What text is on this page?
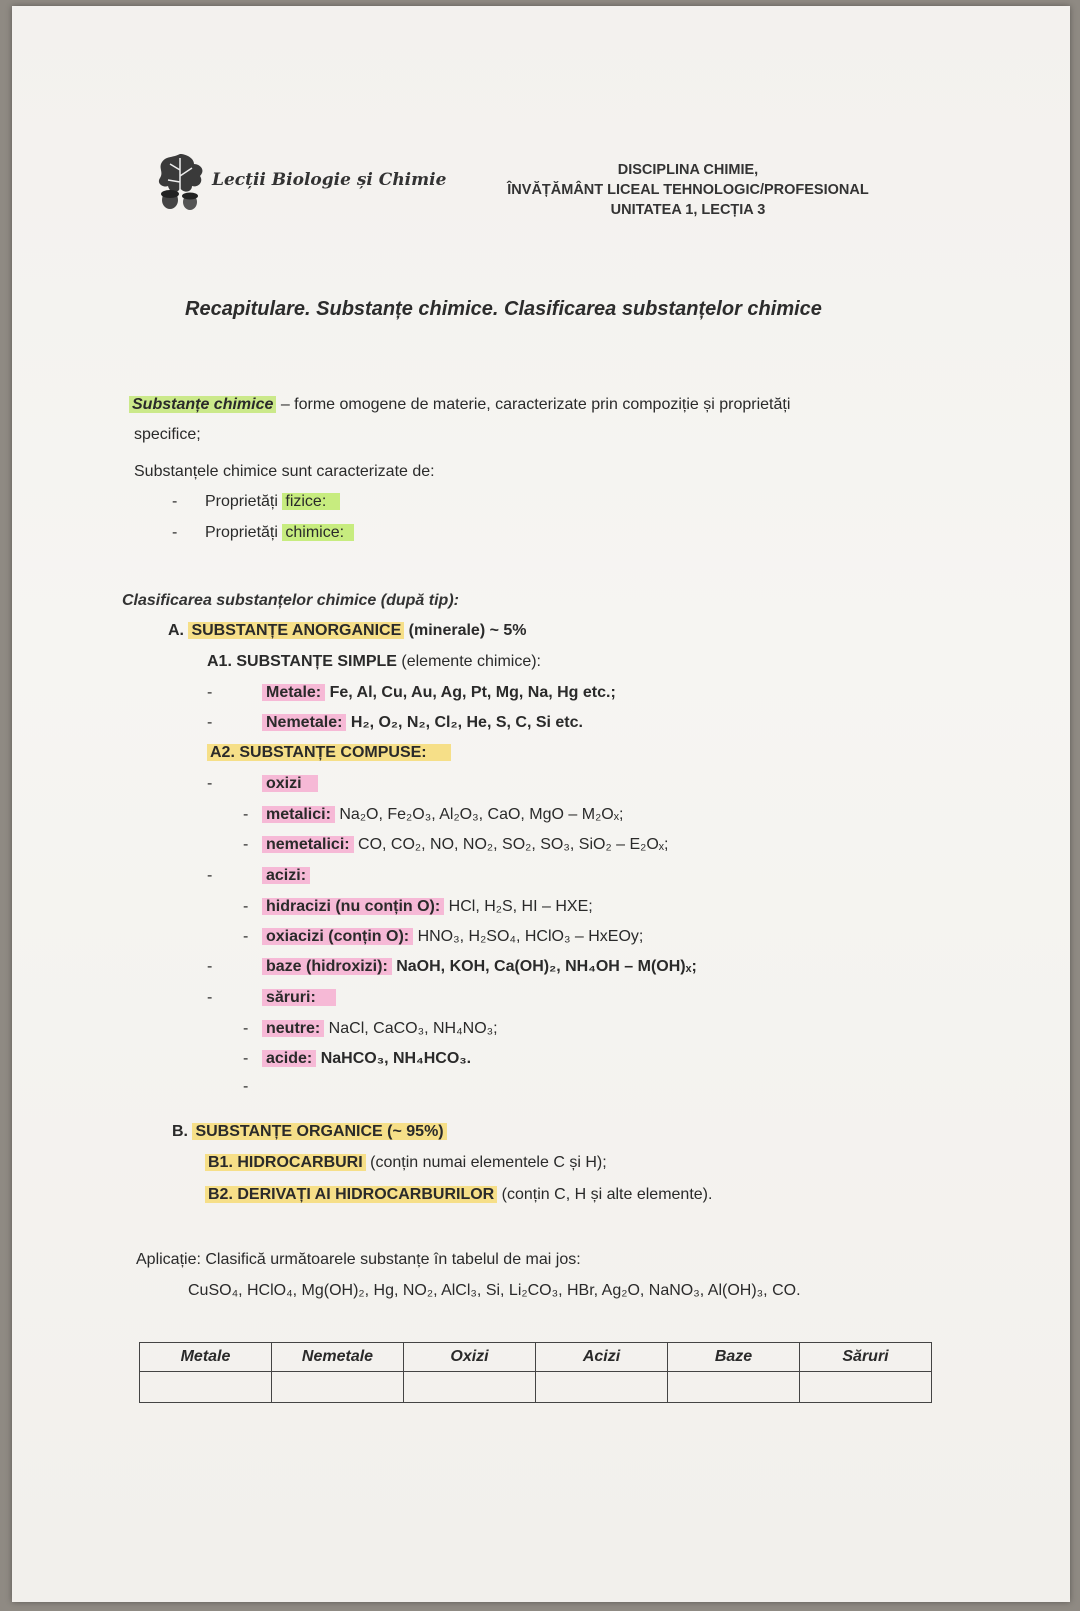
Lecții Biologie și Chimie	DISCIPLINA CHIMIE,
ÎNVĂȚĂMÂNT LICEAL TEHNOLOGIC/PROFESIONAL
UNITATEA 1, LECȚIA 3
Recapitulare. Substanțe chimice. Clasificarea substanțelor chimice
Substanțe chimice – forme omogene de materie, caracterizate prin compoziție și proprietăți
specifice;
Substanțele chimice sunt caracterizate de:
- Proprietăți fizice:
- Proprietăți chimice:
Clasificarea substanțelor chimice (după tip):
A. SUBSTANȚE ANORGANICE (minerale) ~ 5%
A1. SUBSTANȚE SIMPLE (elemente chimice):
-	Metale: Fe, Al, Cu, Au, Ag, Pt, Mg, Na, Hg etc.;
-	Nemetale: H₂, O₂, N₂, Cl₂, He, S, C, Si etc.
A2. SUBSTANȚE COMPUSE:
-	oxizi
- metalici: Na₂O, Fe₂O₃, Al₂O₃, CaO, MgO – M₂Oₓ;
- nemetalici: CO, CO₂, NO, NO₂, SO₂, SO₃, SiO₂ – E₂Oₓ;
-	acizi:
- hidracizi (nu conțin O): HCl, H₂S, HI – HXE;
- oxiacizi (conțin O): HNO₃, H₂SO₄, HClO₃ – HxEOy;
-	baze (hidroxizi): NaOH, KOH, Ca(OH)₂, NH₄OH – M(OH)ₓ;
-	săruri:
- neutre: NaCl, CaCO₃, NH₄NO₃;
- acide: NaHCO₃, NH₄HCO₃.
-
B. SUBSTANȚE ORGANICE (~ 95%)
B1. HIDROCARBURI (conțin numai elementele C și H);
B2. DERIVAȚI AI HIDROCARBURILOR (conțin C, H și alte elemente).
Aplicație: Clasifică următoarele substanțe în tabelul de mai jos:
CuSO₄, HClO₄, Mg(OH)₂, Hg, NO₂, AlCl₃, Si, Li₂CO₃, HBr, Ag₂O, NaNO₃, Al(OH)₃, CO.
Metale	Nemetale	Oxizi	Acizi	Baze	Săruri
